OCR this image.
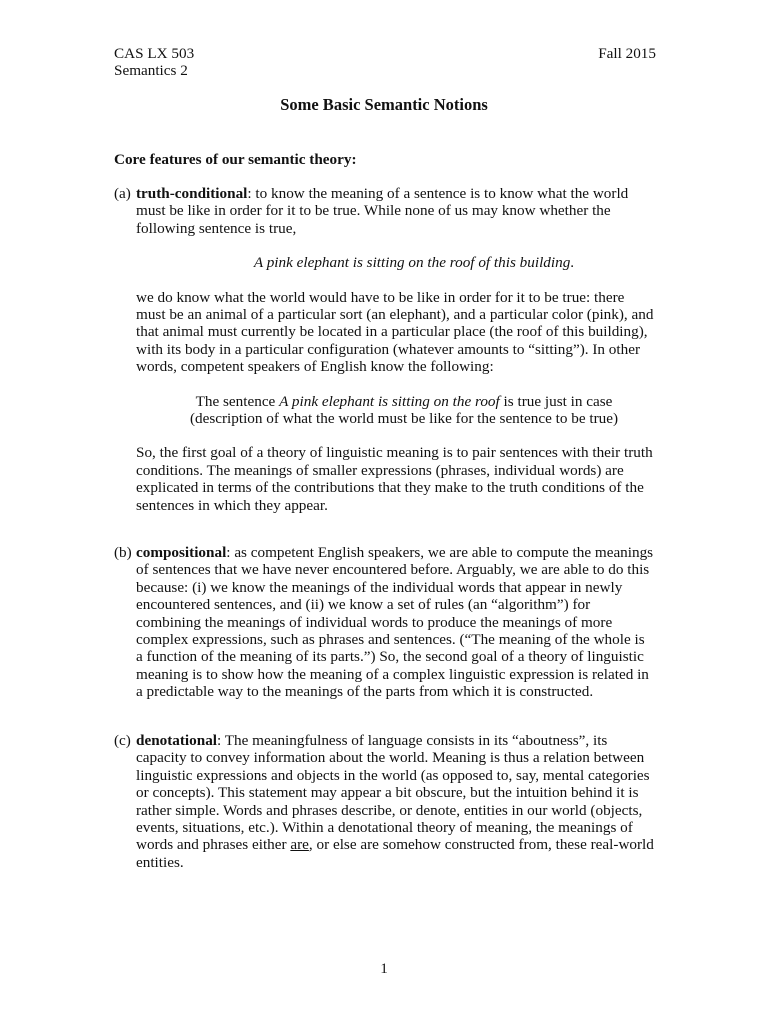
CAS LX 503
Semantics 2
Fall 2015
Some Basic Semantic Notions
Core features of our semantic theory:
(a) truth-conditional: to know the meaning of a sentence is to know what the world must be like in order for it to be true. While none of us may know whether the following sentence is true,

A pink elephant is sitting on the roof of this building.

we do know what the world would have to be like in order for it to be true: there must be an animal of a particular sort (an elephant), and a particular color (pink), and that animal must currently be located in a particular place (the roof of this building), with its body in a particular configuration (whatever amounts to “sitting”). In other words, competent speakers of English know the following:

The sentence A pink elephant is sitting on the roof is true just in case

(description of what the world must be like for the sentence to be true)

So, the first goal of a theory of linguistic meaning is to pair sentences with their truth conditions. The meanings of smaller expressions (phrases, individual words) are explicated in terms of the contributions that they make to the truth conditions of the sentences in which they appear.

(b) compositional: as competent English speakers, we are able to compute the meanings of sentences that we have never encountered before. Arguably, we are able to do this because: (i) we know the meanings of the individual words that appear in newly encountered sentences, and (ii) we know a set of rules (an “algorithm”) for combining the meanings of individual words to produce the meanings of more complex expressions, such as phrases and sentences. (“The meaning of the whole is a function of the meaning of its parts.”) So, the second goal of a theory of linguistic meaning is to show how the meaning of a complex linguistic expression is related in a predictable way to the meanings of the parts from which it is constructed.

(c) denotational: The meaningfulness of language consists in its “aboutness”, its capacity to convey information about the world. Meaning is thus a relation between linguistic expressions and objects in the world (as opposed to, say, mental categories or concepts). This statement may appear a bit obscure, but the intuition behind it is rather simple. Words and phrases describe, or denote, entities in our world (objects, events, situations, etc.). Within a denotational theory of meaning, the meanings of words and phrases either are, or else are somehow constructed from, these real-world entities.

1
